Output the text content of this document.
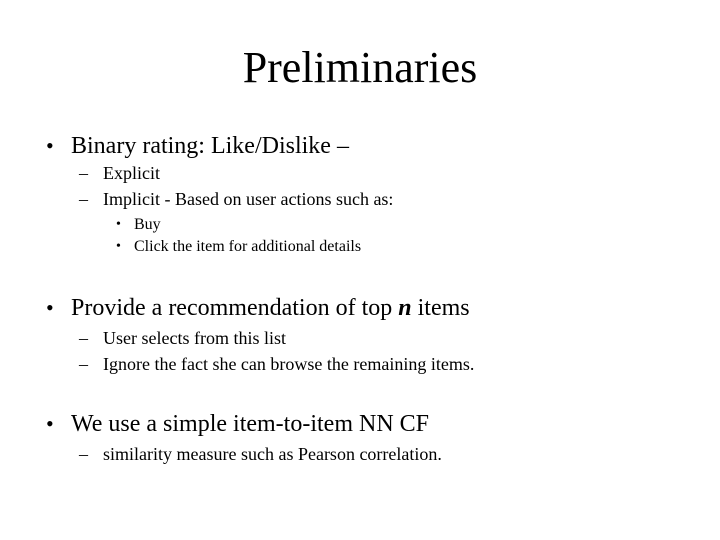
Preliminaries
• Binary rating: Like/Dislike –
– Explicit
– Implicit - Based on user actions such as:
• Buy
• Click the item for additional details
• Provide a recommendation of top n items
– User selects from this list
– Ignore the fact she can browse the remaining items.
• We use a simple item-to-item NN CF
– similarity measure such as Pearson correlation.
